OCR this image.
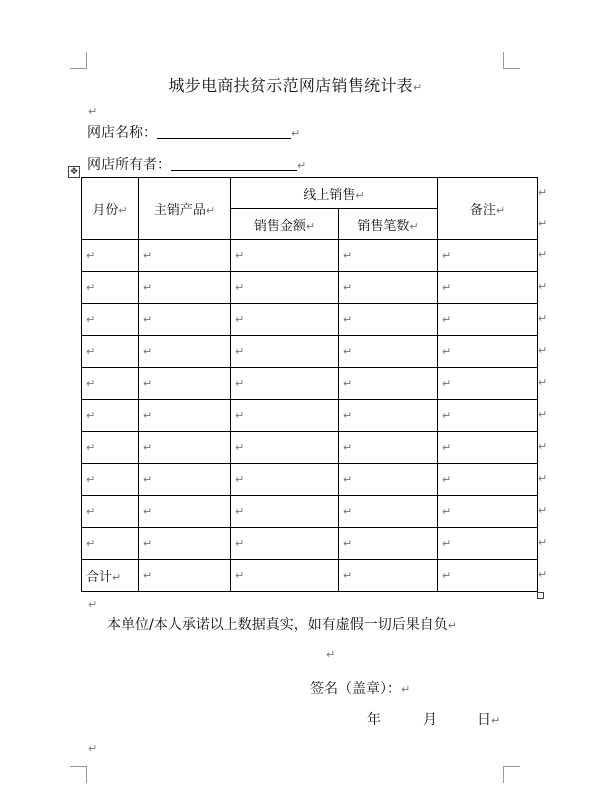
城步电商扶贫示范网店销售统计表↵
↵
网店名称：	↵
网店所有者：	↵
✥
月份↵	主销产品↵	线上销售↵		备注↵
		销售金额↵	销售笔数↵	
↵	↵	↵	↵	↵
↵	↵	↵	↵	↵
↵	↵	↵	↵	↵
↵	↵	↵	↵	↵
↵	↵	↵	↵	↵
↵	↵	↵	↵	↵
↵	↵	↵	↵	↵
↵	↵	↵	↵	↵
↵	↵	↵	↵	↵
↵	↵	↵	↵	↵
合计↵	↵	↵	↵	↵
↵
↵
↵
↵
↵
↵
↵
↵
↵
↵
↵
↵
↵
↵
本单位/本人承诺以上数据真实，如有虚假一切后果自负↵
↵
签名（盖章）：↵
年	月	日↵
↵
